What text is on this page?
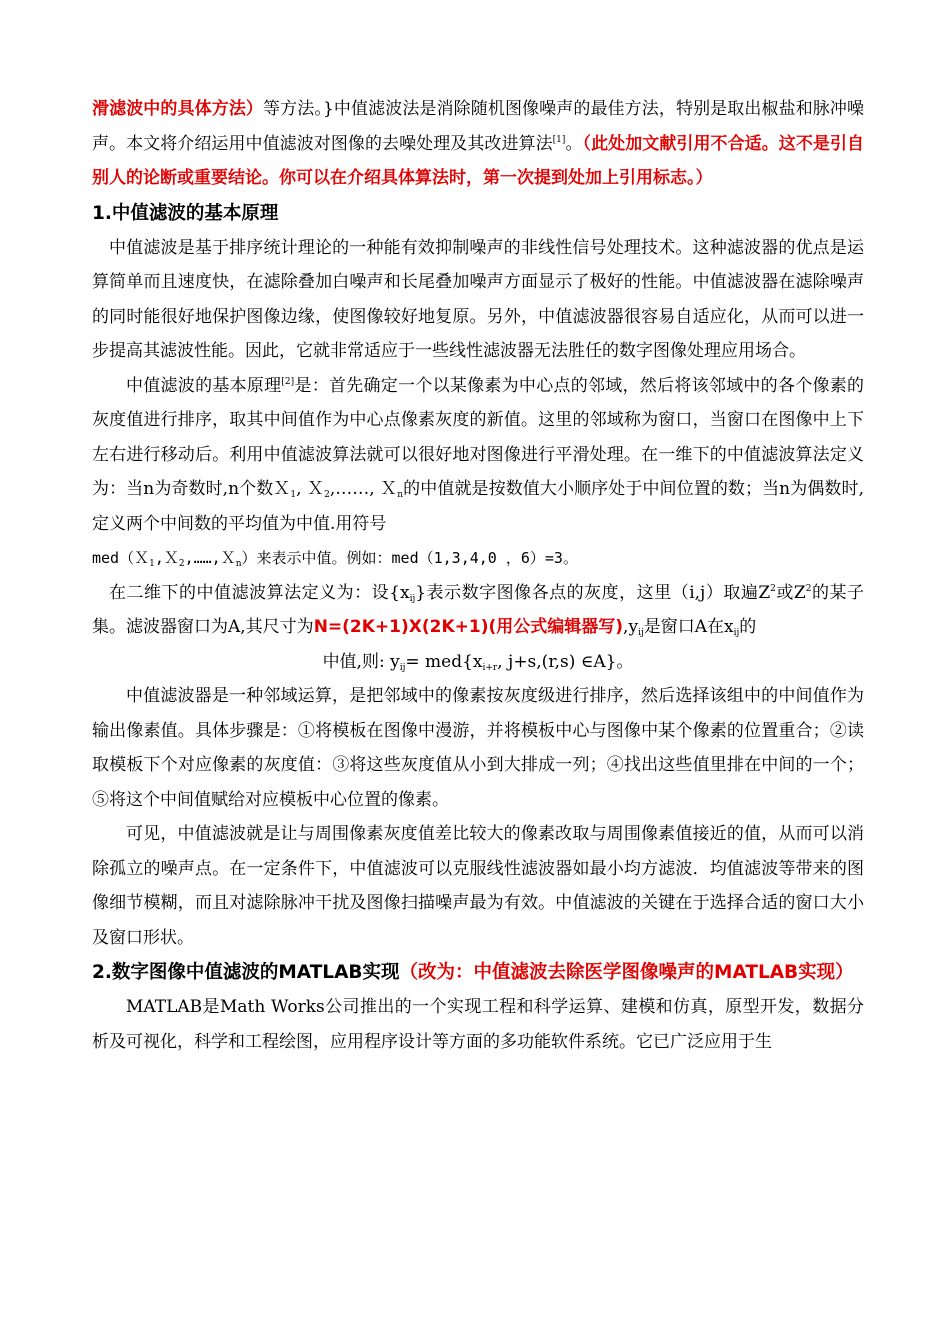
滑滤波中的具体方法）等方法。}中值滤波法是消除随机图像噪声的最佳方法，特别是取出椒盐和脉冲噪声。本文将介绍运用中值滤波对图像的去噪处理及其改进算法[1]。（此处加文献引用不合适。这不是引自别人的论断或重要结论。你可以在介绍具体算法时，第一次提到处加上引用标志。）

1.中值滤波的基本原理

中值滤波是基于排序统计理论的一种能有效抑制噪声的非线性信号处理技术。这种滤波器的优点是运算简单而且速度快，在滤除叠加白噪声和长尾叠加噪声方面显示了极好的性能。中值滤波器在滤除噪声的同时能很好地保护图像边缘，使图像较好地复原。另外，中值滤波器很容易自适应化，从而可以进一步提高其滤波性能。因此，它就非常适应于一些线性滤波器无法胜任的数字图像处理应用场合。

中值滤波的基本原理[2]是：首先确定一个以某像素为中心点的邻域，然后将该邻域中的各个像素的灰度值进行排序，取其中间值作为中心点像素灰度的新值。这里的邻域称为窗口，当窗口在图像中上下左右进行移动后。利用中值滤波算法就可以很好地对图像进行平滑处理。在一维下的中值滤波算法定义为：当n为奇数时,n个数Ｘ$_1$, Ｘ$_2$,……, Ｘ$_n$的中值就是按数值大小顺序处于中间位置的数；当n为偶数时,定义两个中间数的平均值为中值.用符号
med（Ｘ$_1$,Ｘ$_2$,……,Ｘ$_n$）来表示中值。例如：med（1,3,4,0 ，6）=3。

在二维下的中值滤波算法定义为：设$\{x_{ij}\}$表示数字图像各点的灰度，这里（i,j）取遍$Z^2$或$Z^2$的某子集。滤波器窗口为A,其尺寸为N=(2K+1)X(2K+1)(用公式编辑器写)$,y_{ij}$是窗口A在$x_{ij}$的

中值,则: $y_{ij}= med\{x_{i+r}$, j+s,(r,s) ∈A}。

中值滤波器是一种邻域运算，是把邻域中的像素按灰度级进行排序，然后选择该组中的中间值作为输出像素值。具体步骤是：①将模板在图像中漫游，并将模板中心与图像中某个像素的位置重合；②读取模板下个对应像素的灰度值：③将这些灰度值从小到大排成一列；④找出这些值里排在中间的一个；⑤将这个中间值赋给对应模板中心位置的像素。

可见，中值滤波就是让与周围像素灰度值差比较大的像素改取与周围像素值接近的值，从而可以消除孤立的噪声点。在一定条件下，中值滤波可以克服线性滤波器如最小均方滤波．均值滤波等带来的图像细节模糊，而且对滤除脉冲干扰及图像扫描噪声最为有效。中值滤波的关键在于选择合适的窗口大小及窗口形状。

2.数字图像中值滤波的MATLAB实现（改为：中值滤波去除医学图像噪声的MATLAB实现）

MATLAB是Math Works公司推出的一个实现工程和科学运算、建模和仿真，原型开发，数据分析及可视化，科学和工程绘图，应用程序设计等方面的多功能软件系统。它已广泛应用于生
